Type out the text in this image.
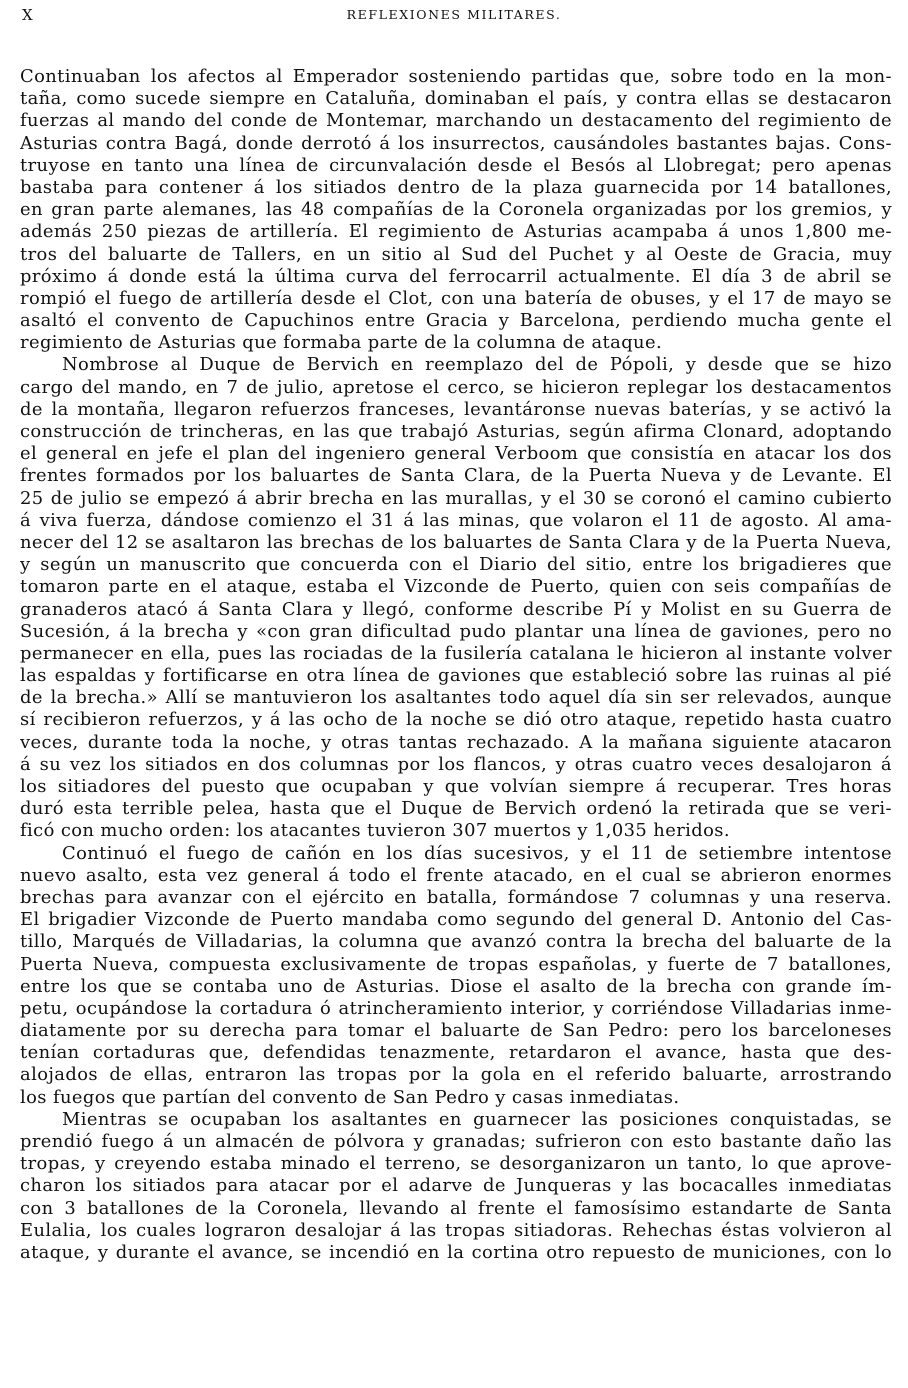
X	REFLEXIONES MILITARES.
Continuaban los afectos al Emperador sosteniendo partidas que, sobre todo en la mon-
taña, como sucede siempre en Cataluña, dominaban el país, y contra ellas se destacaron
fuerzas al mando del conde de Montemar, marchando un destacamento del regimiento de
Asturias contra Bagá, donde derrotó á los insurrectos, causándoles bastantes bajas. Cons-
truyose en tanto una línea de circunvalación desde el Besós al Llobregat; pero apenas
bastaba para contener á los sitiados dentro de la plaza guarnecida por 14 batallones,
en gran parte alemanes, las 48 compañías de la Coronela organizadas por los gremios, y
además 250 piezas de artillería. El regimiento de Asturias acampaba á unos 1,800 me-
tros del baluarte de Tallers, en un sitio al Sud del Puchet y al Oeste de Gracia, muy
próximo á donde está la última curva del ferrocarril actualmente. El día 3 de abril se
rompió el fuego de artillería desde el Clot, con una batería de obuses, y el 17 de mayo se
asaltó el convento de Capuchinos entre Gracia y Barcelona, perdiendo mucha gente el
regimiento de Asturias que formaba parte de la columna de ataque.
Nombrose al Duque de Bervich en reemplazo del de Pópoli, y desde que se hizo
cargo del mando, en 7 de julio, apretose el cerco, se hicieron replegar los destacamentos
de la montaña, llegaron refuerzos franceses, levantáronse nuevas baterías, y se activó la
construcción de trincheras, en las que trabajó Asturias, según afirma Clonard, adoptando
el general en jefe el plan del ingeniero general Verboom que consistía en atacar los dos
frentes formados por los baluartes de Santa Clara, de la Puerta Nueva y de Levante. El
25 de julio se empezó á abrir brecha en las murallas, y el 30 se coronó el camino cubierto
á viva fuerza, dándose comienzo el 31 á las minas, que volaron el 11 de agosto. Al ama-
necer del 12 se asaltaron las brechas de los baluartes de Santa Clara y de la Puerta Nueva,
y según un manuscrito que concuerda con el Diario del sitio, entre los brigadieres que
tomaron parte en el ataque, estaba el Vizconde de Puerto, quien con seis compañías de
granaderos atacó á Santa Clara y llegó, conforme describe Pí y Molist en su Guerra de
Sucesión, á la brecha y «con gran dificultad pudo plantar una línea de gaviones, pero no
permanecer en ella, pues las rociadas de la fusilería catalana le hicieron al instante volver
las espaldas y fortificarse en otra línea de gaviones que estableció sobre las ruinas al pié
de la brecha.» Allí se mantuvieron los asaltantes todo aquel día sin ser relevados, aunque
sí recibieron refuerzos, y á las ocho de la noche se dió otro ataque, repetido hasta cuatro
veces, durante toda la noche, y otras tantas rechazado. A la mañana siguiente atacaron
á su vez los sitiados en dos columnas por los flancos, y otras cuatro veces desalojaron á
los sitiadores del puesto que ocupaban y que volvían siempre á recuperar. Tres horas
duró esta terrible pelea, hasta que el Duque de Bervich ordenó la retirada que se veri-
ficó con mucho orden: los atacantes tuvieron 307 muertos y 1,035 heridos.
Continuó el fuego de cañón en los días sucesivos, y el 11 de setiembre intentose
nuevo asalto, esta vez general á todo el frente atacado, en el cual se abrieron enormes
brechas para avanzar con el ejército en batalla, formándose 7 columnas y una reserva.
El brigadier Vizconde de Puerto mandaba como segundo del general D. Antonio del Cas-
tillo, Marqués de Villadarias, la columna que avanzó contra la brecha del baluarte de la
Puerta Nueva, compuesta exclusivamente de tropas españolas, y fuerte de 7 batallones,
entre los que se contaba uno de Asturias. Diose el asalto de la brecha con grande ím-
petu, ocupándose la cortadura ó atrincheramiento interior, y corriéndose Villadarias inme-
diatamente por su derecha para tomar el baluarte de San Pedro: pero los barceloneses
tenían cortaduras que, defendidas tenazmente, retardaron el avance, hasta que des-
alojados de ellas, entraron las tropas por la gola en el referido baluarte, arrostrando
los fuegos que partían del convento de San Pedro y casas inmediatas.
Mientras se ocupaban los asaltantes en guarnecer las posiciones conquistadas, se
prendió fuego á un almacén de pólvora y granadas; sufrieron con esto bastante daño las
tropas, y creyendo estaba minado el terreno, se desorganizaron un tanto, lo que aprove-
charon los sitiados para atacar por el adarve de Junqueras y las bocacalles inmediatas
con 3 batallones de la Coronela, llevando al frente el famosísimo estandarte de Santa
Eulalia, los cuales lograron desalojar á las tropas sitiadoras. Rehechas éstas volvieron al
ataque, y durante el avance, se incendió en la cortina otro repuesto de municiones, con lo
